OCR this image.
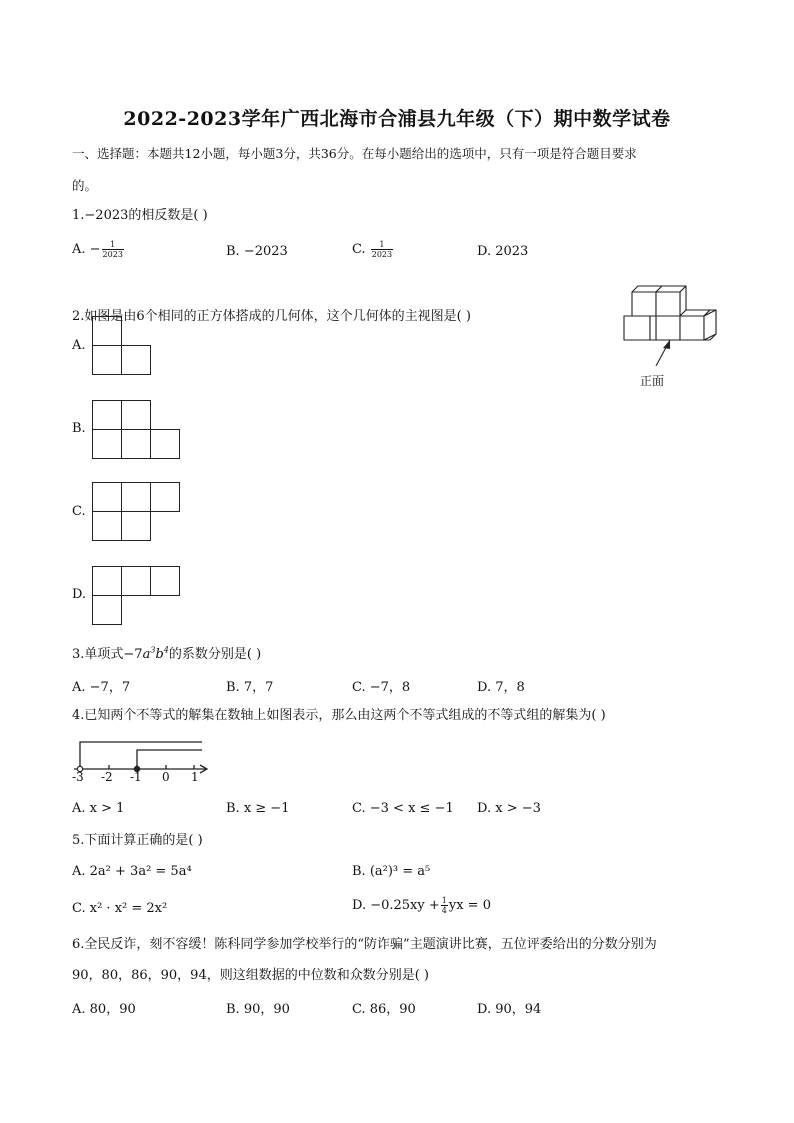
2022-2023学年广西北海市合浦县九年级（下）期中数学试卷
一、选择题：本题共12小题，每小题3分，共36分。在每小题给出的选项中，只有一项是符合题目要求
的。
1.−2023的相反数是( )
A. − $\frac{1}{2023}$	B. −2023	C. $\frac{1}{2023}$	D. 2023
2.如图是由6个相同的正方体搭成的几何体，这个几何体的主视图是( )
正面
A.
B.
C.
D.
3.单项式$-7a^3b^4$的系数分别是( )
A. −7，7	B. 7，7	C. −7，8	D. 7，8
4.已知两个不等式的解集在数轴上如图表示，那么由这两个不等式组成的不等式组的解集为( )
-3 -2 -1 0 1
A. x > 1	B. x ≥ −1	C. −3 < x ≤ −1 D. x > −3
5.下面计算正确的是( )
A. 2a² + 3a² = 5a⁴	B. (a²)³ = a⁵
C. x² · x² = 2x²	D. $-0.25xy + \frac{1}{4}$ yx = 0
6.全民反诈，刻不容缓！陈科同学参加学校举行的“防诈骗”主题演讲比赛，五位评委给出的分数分别为
90，80，86，90，94，则这组数据的中位数和众数分别是( )
A. 80，90	B. 90，90	C. 86，90	D. 90，94
